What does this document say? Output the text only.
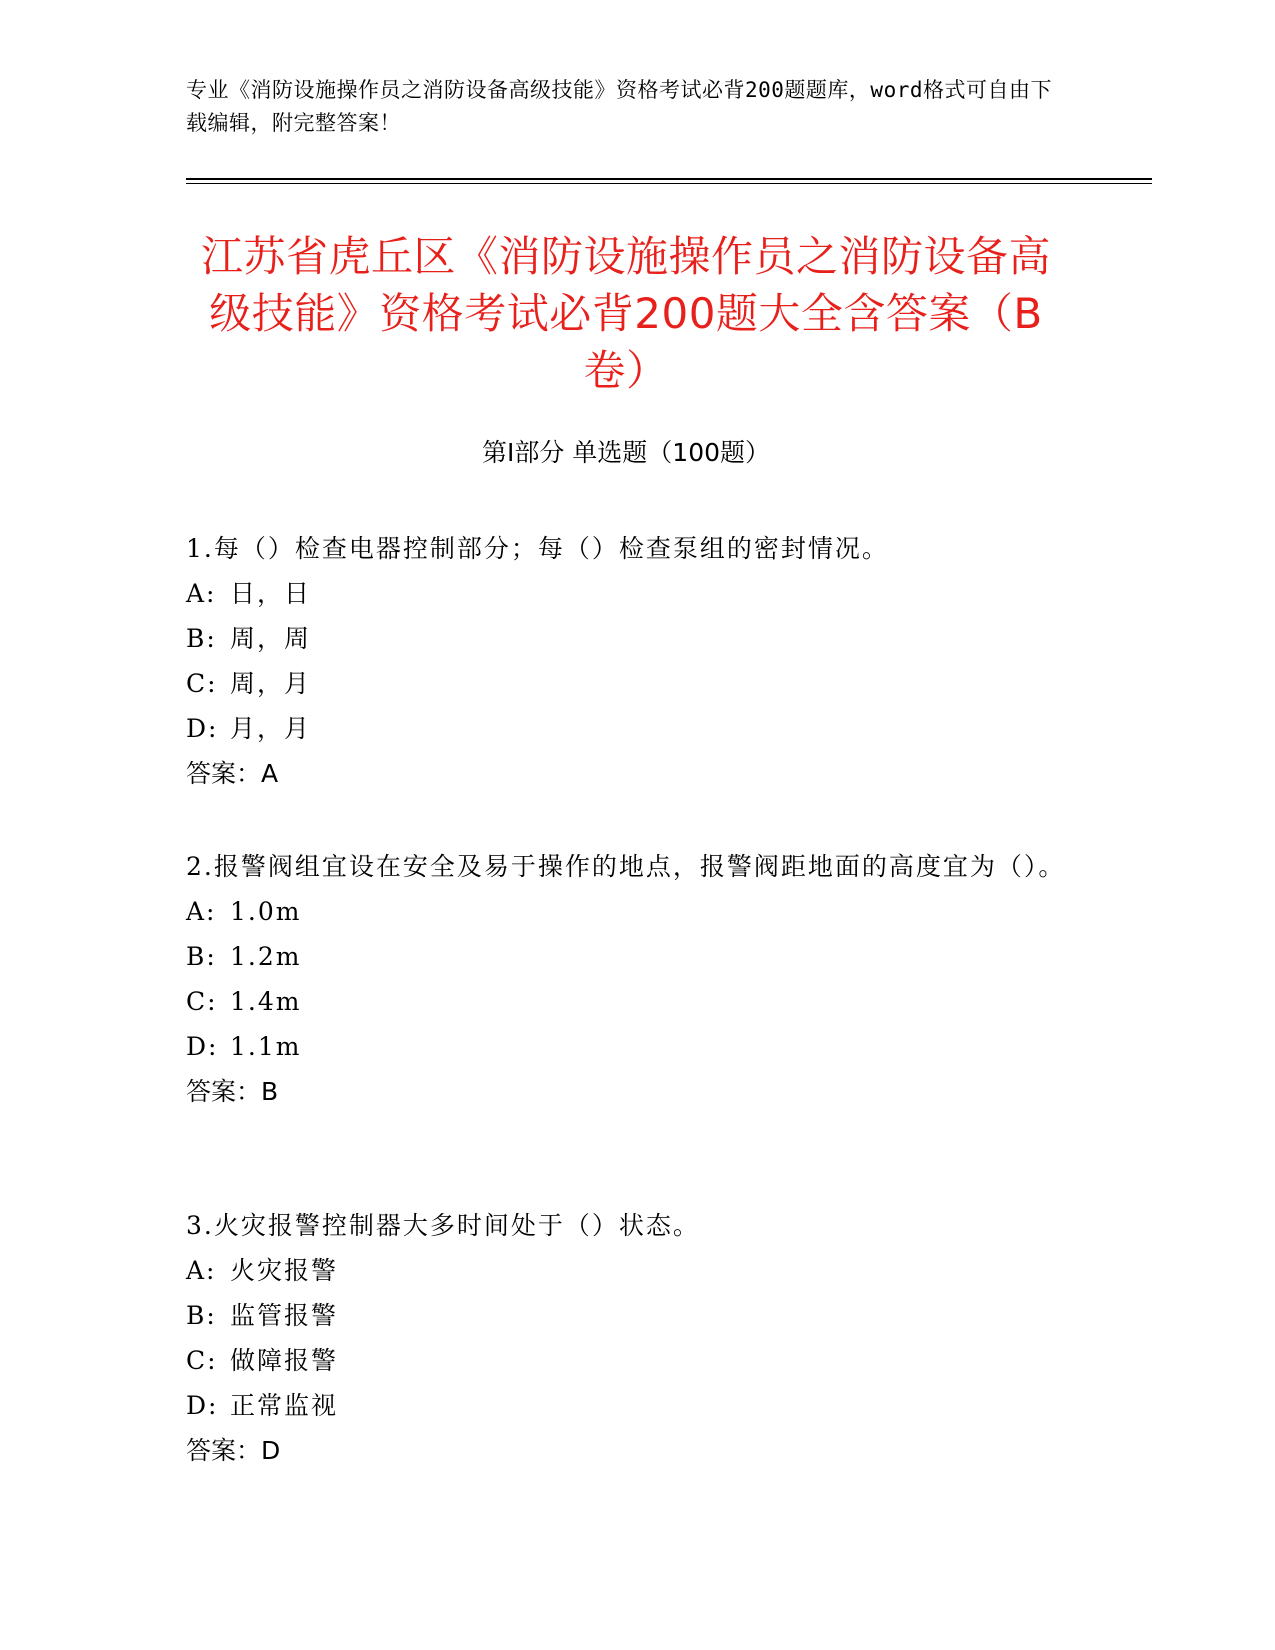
专业《消防设施操作员之消防设备高级技能》资格考试必背200题题库，word格式可自由下载编辑，附完整答案！
江苏省虎丘区《消防设施操作员之消防设备高级技能》资格考试必背200题大全含答案（B卷）
第Ⅰ部分 单选题（100题）
1.每（）检查电器控制部分；每（）检查泵组的密封情况。
A: 日，日
B: 周，周
C: 周，月
D: 月，月
答案：A
2.报警阀组宜设在安全及易于操作的地点，报警阀距地面的高度宜为（）。
A: 1.0m
B: 1.2m
C: 1.4m
D: 1.1m
答案：B
3.火灾报警控制器大多时间处于（）状态。
A: 火灾报警
B: 监管报警
C: 做障报警
D: 正常监视
答案：D
